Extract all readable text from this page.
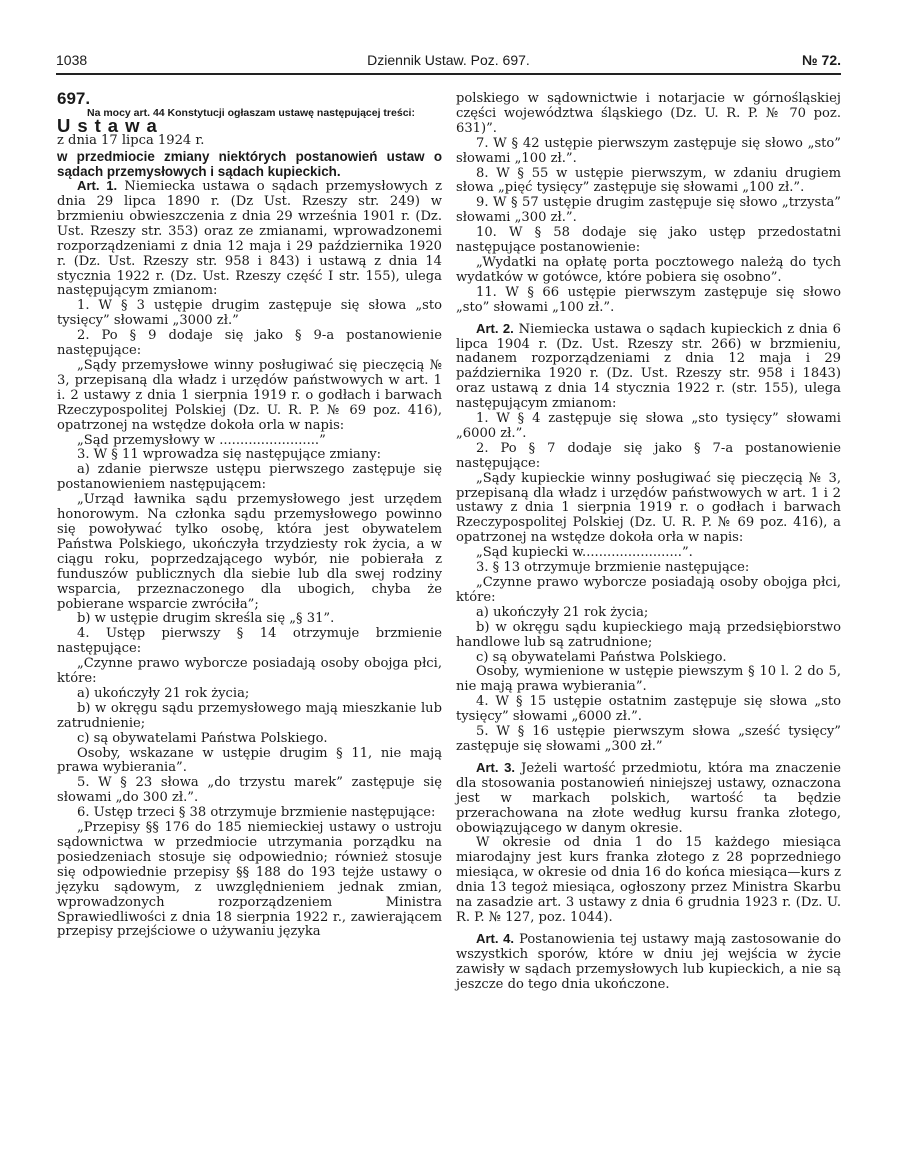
Dziennik Ustaw. Poz. 697.
1038	№ 72.

697.

Na mocy art. 44 Konstytucji ogłaszam ustawę następującej treści:

Ustawa

z dnia 17 lipca 1924 r.

w przedmiocie zmiany niektórych postanowień ustaw o sądach przemysłowych i sądach kupieckich.

Art. 1. Niemiecka ustawa o sądach przemysłowych z dnia 29 lipca 1890 r. (Dz Ust. Rzeszy str. 249) w brzmieniu obwieszczenia z dnia 29 września 1901 r. (Dz. Ust. Rzeszy str. 353) oraz ze zmianami, wprowadzonemi rozporządzeniami z dnia 12 maja i 29 października 1920 r. (Dz. Ust. Rzeszy str. 958 i 843) i ustawą z dnia 14 stycznia 1922 r. (Dz. Ust. Rzeszy część I str. 155), ulega następującym zmianom:

1. W § 3 ustępie drugim zastępuje się słowa „sto tysięcy” słowami „3000 zł.”

2. Po § 9 dodaje się jako § 9-a postanowienie następujące:

„Sądy przemysłowe winny posługiwać się pieczęcią № 3, przepisaną dla władz i urzędów państwowych w art. 1 i. 2 ustawy z dnia 1 sierpnia 1919 r. o godłach i barwach Rzeczypospolitej Polskiej (Dz. U. R. P. № 69 poz. 416), opatrzonej na wstędze dokoła orla w napis:

„Sąd przemysłowy w ........................”

3. W § 11 wprowadza się następujące zmiany:

a) zdanie pierwsze ustępu pierwszego zastępuje się postanowieniem następującem:

„Urząd ławnika sądu przemysłowego jest urzędem honorowym. Na członka sądu przemysłowego powinno się powoływać tylko osobę, która jest obywatelem Państwa Polskiego, ukończyła trzydziesty rok życia, a w ciągu roku, poprzedzającego wybór, nie pobierała z funduszów publicznych dla siebie lub dla swej rodziny wsparcia, przeznaczonego dla ubogich, chyba że pobierane wsparcie zwróciła”;

b) w ustępie drugim skreśla się „§ 31”.

4. Ustęp pierwszy § 14 otrzymuje brzmienie następujące:

„Czynne prawo wyborcze posiadają osoby obojga płci, które:

a) ukończyły 21 rok życia;

b) w okręgu sądu przemysłowego mają mieszkanie lub zatrudnienie;

c) są obywatelami Państwa Polskiego.

Osoby, wskazane w ustępie drugim § 11, nie mają prawa wybierania”.

5. W § 23 słowa „do trzystu marek” zastępuje się słowami „do 300 zł.”.

6. Ustęp trzeci § 38 otrzymuje brzmienie następujące:

„Przepisy §§ 176 do 185 niemieckiej ustawy o ustroju sądownictwa w przedmiocie utrzymania porządku na posiedzeniach stosuje się odpowiednio; również stosuje się odpowiednie przepisy §§ 188 do 193 tejże ustawy o języku sądowym, z uwzględnieniem jednak zmian, wprowadzonych rozporządzeniem Ministra Sprawiedliwości z dnia 18 sierpnia 1922 r., zawierającem przepisy przejściowe o używaniu języka

polskiego w sądownictwie i notarjacie w górnośląskiej części województwa śląskiego (Dz. U. R. P. № 70 poz. 631)”.

7. W § 42 ustępie pierwszym zastępuje się słowo „sto” słowami „100 zł.”.

8. W § 55 w ustępie pierwszym, w zdaniu drugiem słowa „pięć tysięcy” zastępuje się słowami „100 zł.”.

9. W § 57 ustępie drugim zastępuje się słowo „trzysta” słowami „300 zł.”.

10. W § 58 dodaje się jako ustęp przedostatni następujące postanowienie:

„Wydatki na opłatę porta pocztowego należą do tych wydatków w gotówce, które pobiera się osobno”.

11. W § 66 ustępie pierwszym zastępuje się słowo „sto” słowami „100 zł.”.

Art. 2. Niemiecka ustawa o sądach kupieckich z dnia 6 lipca 1904 r. (Dz. Ust. Rzeszy str. 266) w brzmieniu, nadanem rozporządzeniami z dnia 12 maja i 29 października 1920 r. (Dz. Ust. Rzeszy str. 958 i 1843) oraz ustawą z dnia 14 stycznia 1922 r. (str. 155), ulega następującym zmianom:

1. W § 4 zastępuje się słowa „sto tysięcy” słowami „6000 zł.”.

2. Po § 7 dodaje się jako § 7-a postanowienie następujące:

„Sądy kupieckie winny posługiwać się pieczęcią № 3, przepisaną dla władz i urzędów państwowych w art. 1 i 2 ustawy z dnia 1 sierpnia 1919 r. o godłach i barwach Rzeczypospolitej Polskiej (Dz. U. R. P. № 69 poz. 416), a opatrzonej na wstędze dokoła orła w napis:

„Sąd kupiecki w........................”.

3. § 13 otrzymuje brzmienie następujące:

„Czynne prawo wyborcze posiadają osoby obojga płci, które:

a) ukończyły 21 rok życia;

b) w okręgu sądu kupieckiego mają przedsiębiorstwo handlowe lub są zatrudnione;

c) są obywatelami Państwa Polskiego.

Osoby, wymienione w ustępie piewszym § 10 l. 2 do 5, nie mają prawa wybierania”.

4. W § 15 ustępie ostatnim zastępuje się słowa „sto tysięcy” słowami „6000 zł.”.

5. W § 16 ustępie pierwszym słowa „sześć tysięcy” zastępuje się słowami „300 zł.”

Art. 3. Jeżeli wartość przedmiotu, która ma znaczenie dla stosowania postanowień niniejszej ustawy, oznaczona jest w markach polskich, wartość ta będzie przerachowana na złote według kursu franka złotego, obowiązującego w danym okresie.

W okresie od dnia 1 do 15 każdego miesiąca miarodajny jest kurs franka złotego z 28 poprzedniego miesiąca, w okresie od dnia 16 do końca miesiąca—kurs z dnia 13 tegoż miesiąca, ogłoszony przez Ministra Skarbu na zasadzie art. 3 ustawy z dnia 6 grudnia 1923 r. (Dz. U. R. P. № 127, poz. 1044).

Art. 4. Postanowienia tej ustawy mają zastosowanie do wszystkich sporów, które w dniu jej wejścia w życie zawisły w sądach przemysłowych lub kupieckich, a nie są jeszcze do tego dnia ukończone.
